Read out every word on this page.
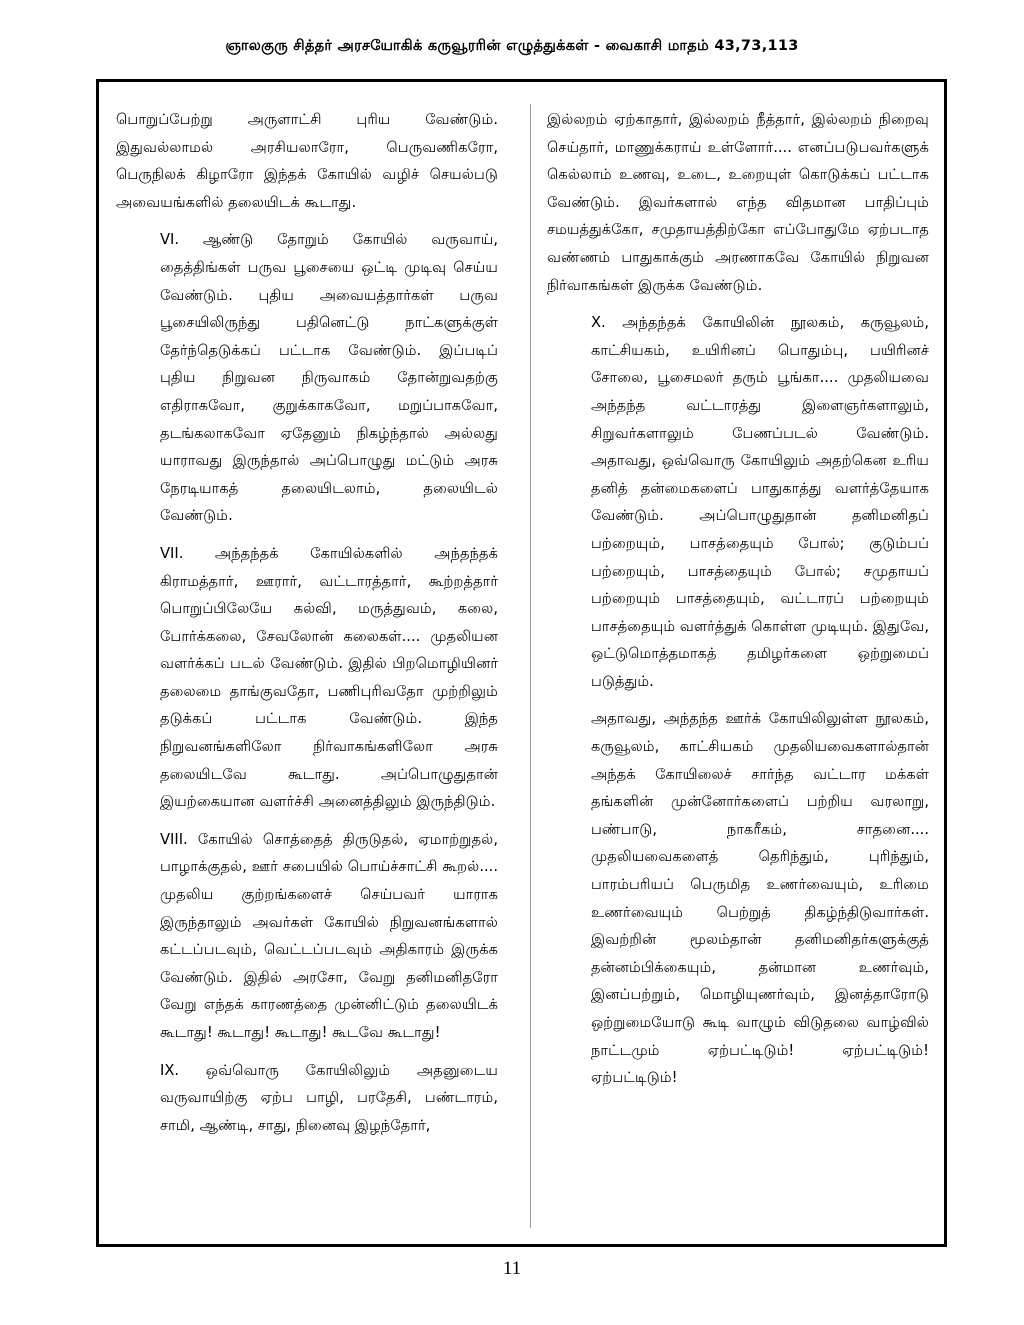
ஞாலகுரு சித்தர் அரசயோகிக் கருவூரரின் எழுத்துக்கள் - வைகாசி மாதம் 43,73,113

பொறுப்பேற்று அருளாட்சி புரிய வேண்டும். இதுவல்லாமல் அரசியலாரோ, பெருவணிகரோ, பெருநிலக் கிழாரோ இந்தக் கோயில் வழிச் செயல்படு அவையங்களில் தலையிடக் கூடாது.

VI. ஆண்டு தோறும் கோயில் வருவாய், தைத்திங்கள் பருவ பூசையை ஒட்டி முடிவு செய்ய வேண்டும். புதிய அவையத்தார்கள் பருவ பூசையிலிருந்து பதினெட்டு நாட்களுக்குள் தேர்ந்தெடுக்கப் பட்டாக வேண்டும். இப்படிப் புதிய நிறுவன நிருவாகம் தோன்றுவதற்கு எதிராகவோ, குறுக்காகவோ, மறுப்பாகவோ, தடங்கலாகவோ ஏதேனும் நிகழ்ந்தால் அல்லது யாராவது இருந்தால் அப்பொழுது மட்டும் அரசு நேரடியாகத் தலையிடலாம், தலையிடல் வேண்டும்.

VII. அந்தந்தக் கோயில்களில் அந்தந்தக் கிராமத்தார், ஊரார், வட்டாரத்தார், கூற்றத்தார் பொறுப்பிலேயே கல்வி, மருத்துவம், கலை, போர்க்கலை, சேவலோன் கலைகள்.... முதலியன வளர்க்கப் படல் வேண்டும். இதில் பிறமொழியினர் தலைமை தாங்குவதோ, பணிபுரிவதோ முற்றிலும் தடுக்கப் பட்டாக வேண்டும். இந்த நிறுவனங்களிலோ நிர்வாகங்களிலோ அரசு தலையிடவே கூடாது. அப்பொழுதுதான் இயற்கையான வளர்ச்சி அனைத்திலும் இருந்திடும்.

VIII. கோயில் சொத்தைத் திருடுதல், ஏமாற்றுதல், பாழாக்குதல், ஊர் சபையில் பொய்ச்சாட்சி கூறல்.... முதலிய குற்றங்களைச் செய்பவர் யாராக இருந்தாலும் அவர்கள் கோயில் நிறுவனங்களால் கட்டப்படவும், வெட்டப்படவும் அதிகாரம் இருக்க வேண்டும். இதில் அரசோ, வேறு தனிமனிதரோ வேறு எந்தக் காரணத்தை முன்னிட்டும் தலையிடக் கூடாது! கூடாது! கூடாது! கூடவே கூடாது!

IX. ஒவ்வொரு கோயிலிலும் அதனுடைய வருவாயிற்கு ஏற்ப பாழி, பரதேசி, பண்டாரம், சாமி, ஆண்டி, சாது, நினைவு இழந்தோர்,

இல்லறம் ஏற்காதார், இல்லறம் நீத்தார், இல்லறம் நிறைவு செய்தார், மாணுக்கராய் உள்ளோர்.... எனப்படுபவர்களுக் கெல்லாம் உணவு, உடை, உறையுள் கொடுக்கப் பட்டாக வேண்டும். இவர்களால் எந்த விதமான பாதிப்பும் சமயத்துக்கோ, சமுதாயத்திற்கோ எப்போதுமே ஏற்படாத வண்ணம் பாதுகாக்கும் அரணாகவே கோயில் நிறுவன நிர்வாகங்கள் இருக்க வேண்டும்.

X. அந்தந்தக் கோயிலின் நூலகம், கருவூலம், காட்சியகம், உயிரினப் பொதும்பு, பயிரினச் சோலை, பூசைமலர் தரும் பூங்கா.... முதலியவை அந்தந்த வட்டாரத்து இளைஞர்களாலும், சிறுவர்களாலும் பேணப்படல் வேண்டும். அதாவது, ஒவ்வொரு கோயிலும் அதற்கென உரிய தனித் தன்மைகளைப் பாதுகாத்து வளர்த்தேயாக வேண்டும். அப்பொழுதுதான் தனிமனிதப் பற்றையும், பாசத்தையும் போல்; குடும்பப் பற்றையும், பாசத்தையும் போல்; சமுதாயப் பற்றையும் பாசத்தையும், வட்டாரப் பற்றையும் பாசத்தையும் வளர்த்துக் கொள்ள முடியும். இதுவே, ஒட்டுமொத்தமாகத் தமிழர்களை ஒற்றுமைப் படுத்தும்.

அதாவது, அந்தந்த ஊர்க் கோயிலிலுள்ள நூலகம், கருவூலம், காட்சியகம் முதலியவைகளால்தான் அந்தக் கோயிலைச் சார்ந்த வட்டார மக்கள் தங்களின் முன்னோர்களைப் பற்றிய வரலாறு, பண்பாடு, நாகரீகம், சாதனை.... முதலியவைகளைத் தெரிந்தும், புரிந்தும், பாரம்பரியப் பெருமித உணர்வையும், உரிமை உணர்வையும் பெற்றுத் திகழ்ந்திடுவார்கள். இவற்றின் மூலம்தான் தனிமனிதர்களுக்குத் தன்னம்பிக்கையும், தன்மான உணர்வும், இனப்பற்றும், மொழியுணர்வும், இனத்தாரோடு ஒற்றுமையோடு கூடி வாழும் விடுதலை வாழ்வில் நாட்டமும் ஏற்பட்டிடும்! ஏற்பட்டிடும்! ஏற்பட்டிடும்!

11
